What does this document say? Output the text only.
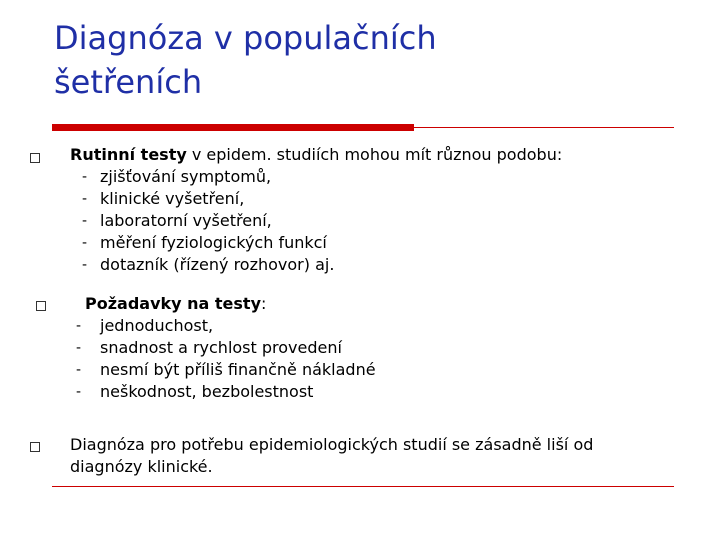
Diagnóza v populačních
šetřeních
Rutinní testy v epidem. studiích mohou mít různou podobu:
- zjišťování symptomů,
- klinické vyšetření,
- laboratorní vyšetření,
- měření fyziologických funkcí
- dotazník (řízený rozhovor) aj.
Požadavky na testy:
- jednoduchost,
- snadnost a rychlost provedení
- nesmí být příliš finančně nákladné
- neškodnost, bezbolestnost
Diagnóza pro potřebu epidemiologických studií se zásadně liší od
diagnózy klinické.
